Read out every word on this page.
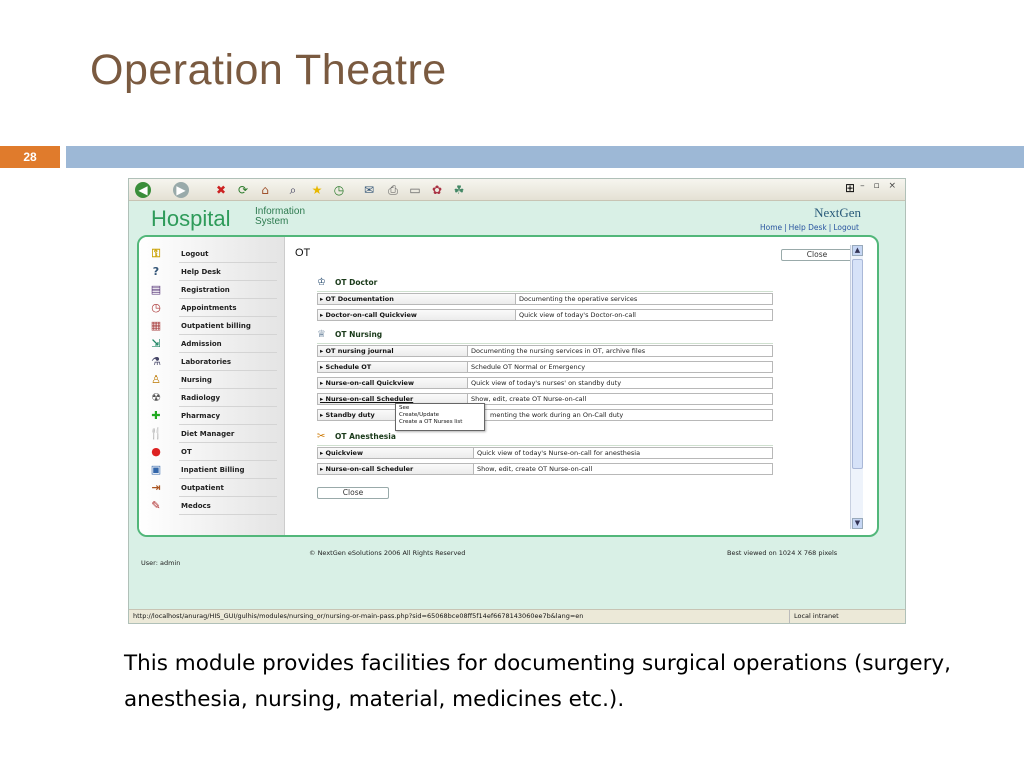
Operation Theatre
28
◀ ▶	✖ ⟳	⌂	⌕	★ ◷ ✉ ⎙ ▭ ✿ ☘	⊞ – ▫ ×
Hospital Information
System
NextGen
Home | Help Desk | Logout
⚿	Logout
?	Help Desk
▤	Registration
◷	Appointments
▦	Outpatient billing
⇲	Admission
⚗	Laboratories
♙	Nursing
☢	Radiology
✚	Pharmacy
🍴	Diet Manager
●	OT
▣	Inpatient Billing
⇥	Outpatient
✎	Medocs
OT	Close
♔ OT Doctor
▸ OT Documentation	Documenting the operative services
▸ Doctor-on-call Quickview	Quick view of today's Doctor-on-call
♕ OT Nursing
▸ OT nursing journal	Documenting the nursing services in OT, archive files
▸ Schedule OT	Schedule OT Normal or Emergency
▸ Nurse-on-call Quickview	Quick view of today's nurses' on standby duty
▸ Nurse-on-call Scheduler	Show, edit, create OT Nurse-on-call
▸ Standby duty	menting the work during an On-Call duty
See
Create/Update
Create a OT Nurses list
✂ OT Anesthesia
▸ Quickview	Quick view of today's Nurse-on-call for anesthesia
▸ Nurse-on-call Scheduler	Show, edit, create OT Nurse-on-call
Close
▲
▼
© NextGen eSolutions 2006 All Rights Reserved	Best viewed on 1024 X 768 pixels
User: admin
http://localhost/anurag/HIS_GUI/gulhis/modules/nursing_or/nursing-or-main-pass.php?sid=65068bce08ff5f14ef6678143060ee7b&lang=en	Local intranet
This module provides facilities for documenting surgical operations (surgery, anesthesia, nursing, material, medicines etc.).
